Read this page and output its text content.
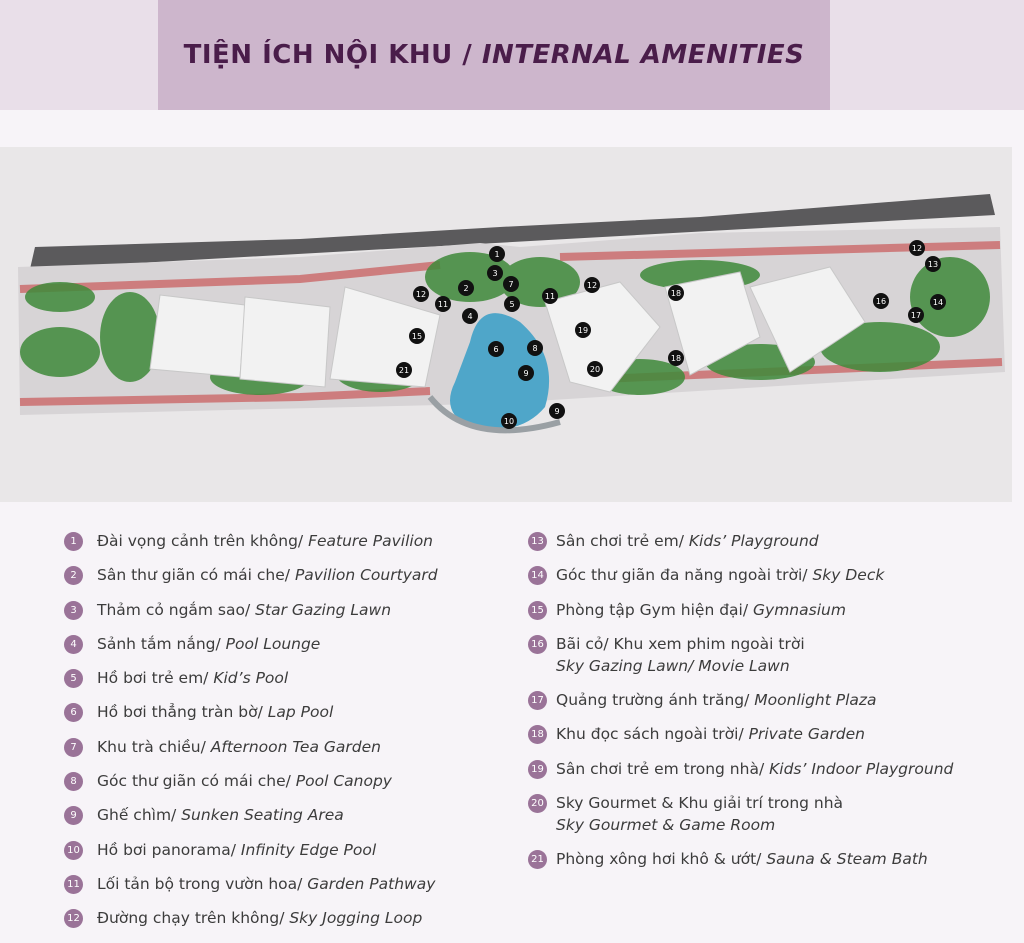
TIỆN ÍCH NỘI KHU / INTERNAL AMENITIES
1
2
3
4
5
6
7
8
9
9
10
11
11
12
12
12
13
14
15
16
17
18
18
19
20
21
1	Đài vọng cảnh trên không/ Feature Pavilion
2	Sân thư giãn có mái che/ Pavilion Courtyard
3	Thảm cỏ ngắm sao/ Star Gazing Lawn
4	Sảnh tắm nắng/ Pool Lounge
5	Hồ bơi trẻ em/ Kid’s Pool
6	Hồ bơi thẳng tràn bờ/ Lap Pool
7	Khu trà chiều/ Afternoon Tea Garden
8	Góc thư giãn có mái che/ Pool Canopy
9	Ghế chìm/ Sunken Seating Area
10 Hồ bơi panorama/ Infinity Edge Pool
11 Lối tản bộ trong vườn hoa/ Garden Pathway
12 Đường chạy trên không/ Sky Jogging Loop
13 Sân chơi trẻ em/ Kids’ Playground
14 Góc thư giãn đa năng ngoài trời/ Sky Deck
15 Phòng tập Gym hiện đại/ Gymnasium
16 Bãi cỏ/ Khu xem phim ngoài trời
Sky Gazing Lawn/ Movie Lawn
17 Quảng trường ánh trăng/ Moonlight Plaza
18 Khu đọc sách ngoài trời/ Private Garden
19 Sân chơi trẻ em trong nhà/ Kids’ Indoor Playground
20 Sky Gourmet & Khu giải trí trong nhà
Sky Gourmet & Game Room
21 Phòng xông hơi khô & ướt/ Sauna & Steam Bath
